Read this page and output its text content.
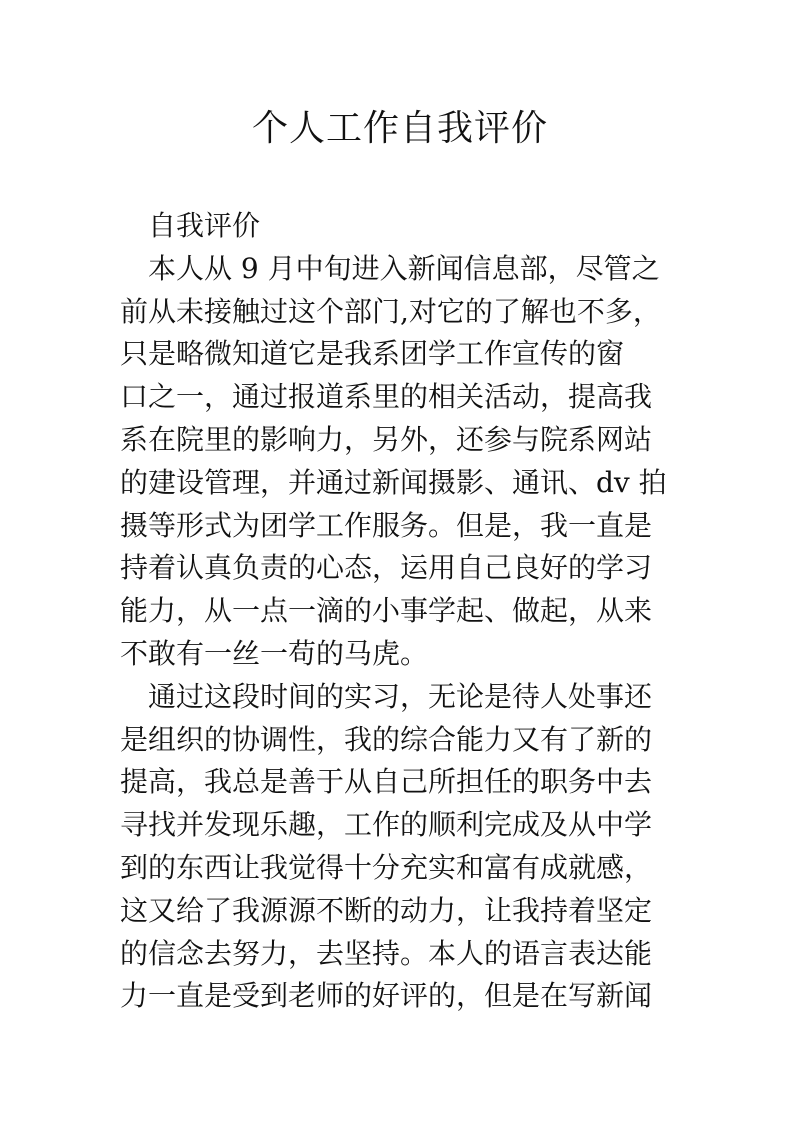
个人工作自我评价
自我评价
本人从 9 月中旬进入新闻信息部，尽管之
前从未接触过这个部门,对它的了解也不多，
只是略微知道它是我系团学工作宣传的窗
口之一，通过报道系里的相关活动，提高我
系在院里的影响力，另外，还参与院系网站
的建设管理，并通过新闻摄影、通讯、dv 拍
摄等形式为团学工作服务。但是，我一直是
持着认真负责的心态，运用自己良好的学习
能力，从一点一滴的小事学起、做起，从来
不敢有一丝一苟的马虎。
通过这段时间的实习，无论是待人处事还
是组织的协调性，我的综合能力又有了新的
提高，我总是善于从自己所担任的职务中去
寻找并发现乐趣，工作的顺利完成及从中学
到的东西让我觉得十分充实和富有成就感，
这又给了我源源不断的动力，让我持着坚定
的信念去努力，去坚持。本人的语言表达能
力一直是受到老师的好评的，但是在写新闻
